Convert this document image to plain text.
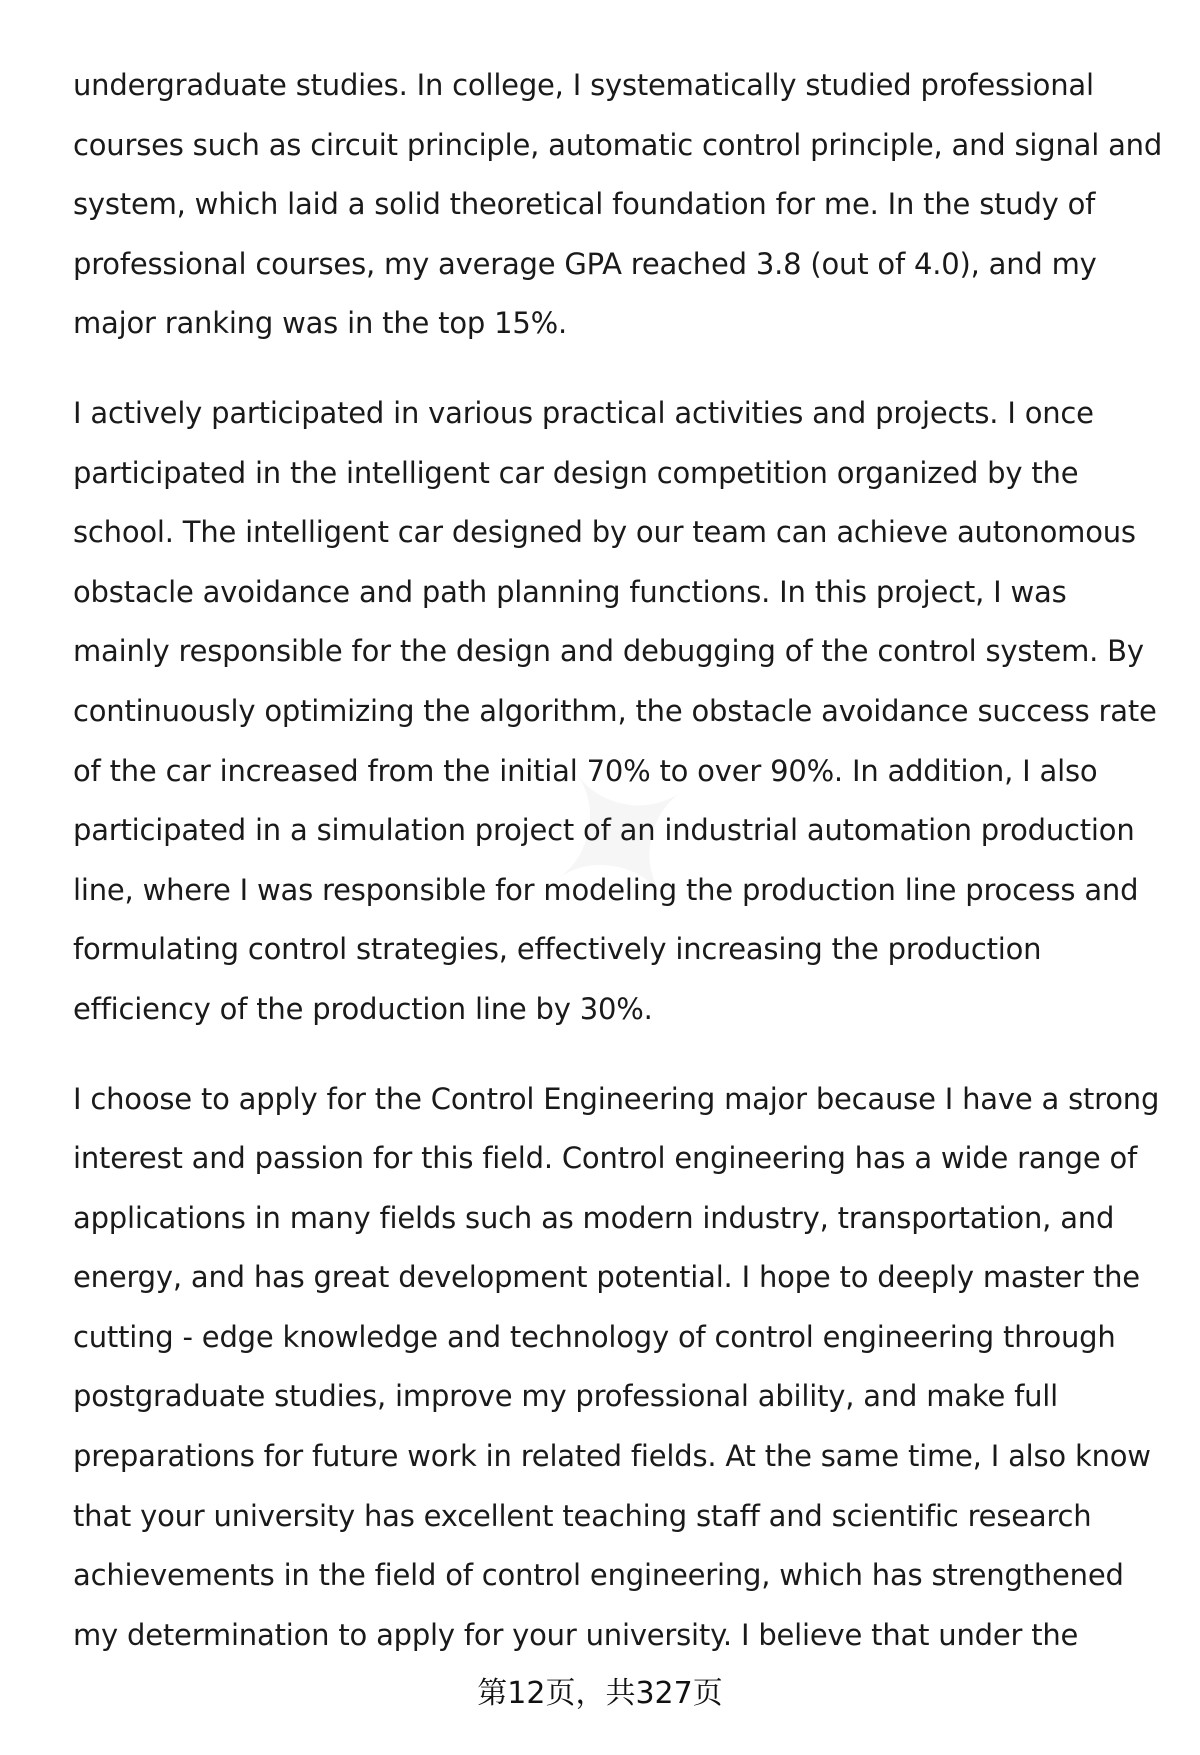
undergraduate studies. In college, I systematically studied professional courses such as circuit principle, automatic control principle, and signal and system, which laid a solid theoretical foundation for me. In the study of professional courses, my average GPA reached 3.8 (out of 4.0), and my major ranking was in the top 15%.

I actively participated in various practical activities and projects. I once participated in the intelligent car design competition organized by the school. The intelligent car designed by our team can achieve autonomous obstacle avoidance and path planning functions. In this project, I was mainly responsible for the design and debugging of the control system. By continuously optimizing the algorithm, the obstacle avoidance success rate of the car increased from the initial 70% to over 90%. In addition, I also participated in a simulation project of an industrial automation production line, where I was responsible for modeling the production line process and formulating control strategies, effectively increasing the production efficiency of the production line by 30%.

I choose to apply for the Control Engineering major because I have a strong interest and passion for this field. Control engineering has a wide range of applications in many fields such as modern industry, transportation, and energy, and has great development potential. I hope to deeply master the cutting - edge knowledge and technology of control engineering through postgraduate studies, improve my professional ability, and make full preparations for future work in related fields. At the same time, I also know that your university has excellent teaching staff and scientific research achievements in the field of control engineering, which has strengthened my determination to apply for your university. I believe that under the

第12页，共327页
